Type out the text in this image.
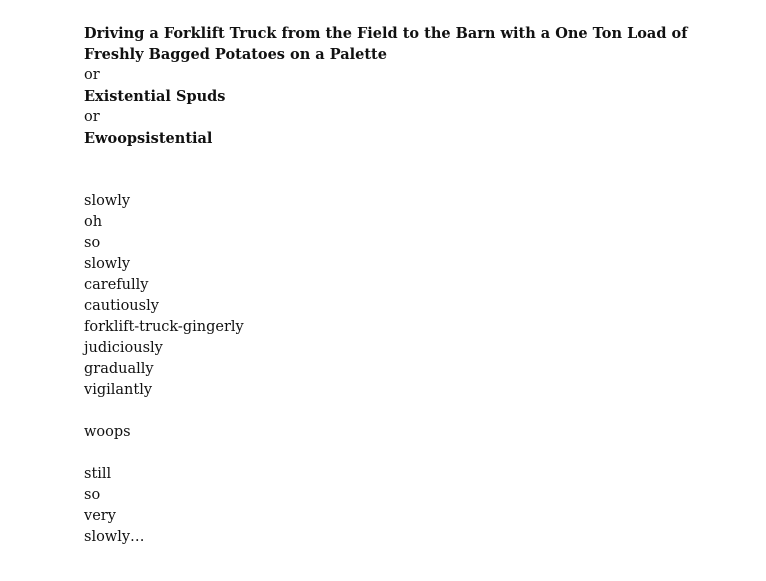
Driving a Forklift Truck from the Field to the Barn with a One Ton Load of
Freshly Bagged Potatoes on a Palette
or
Existential Spuds
or
Ewoopsistential
slowly
oh
so
slowly
carefully
cautiously
forklift-truck-gingerly
judiciously
gradually
vigilantly
woops
still
so
very
slowly…
